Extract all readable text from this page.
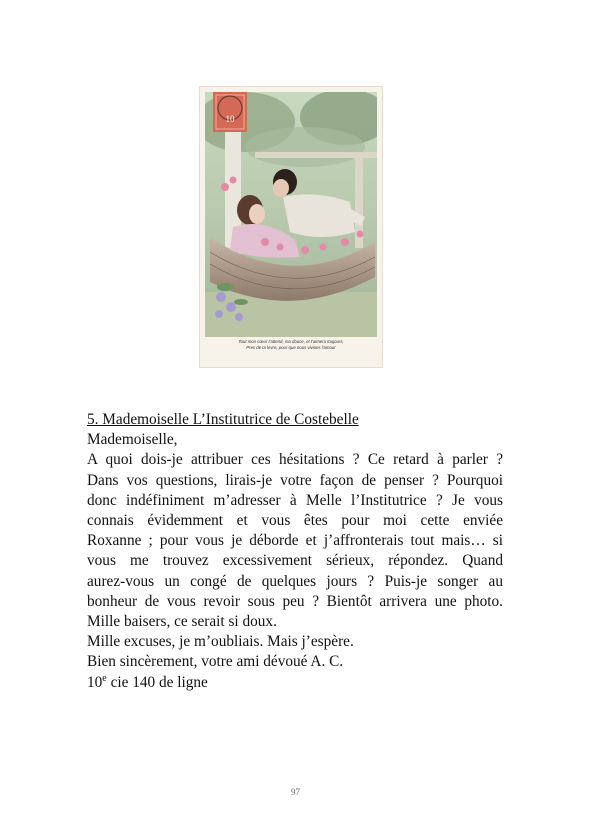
10
Tout mon cœur t'attend, ma douce, et t'aimera toujours,
Pres de ta levre, pour que nous vivions l'amour
5. Mademoiselle L’Institutrice de Costebelle
Mademoiselle,
A quoi dois-je attribuer ces hésitations ? Ce retard à parler ?
Dans vos questions, lirais-je votre façon de penser ? Pourquoi
donc indéfiniment m’adresser à Melle l’Institutrice ? Je vous
connais évidemment et vous êtes pour moi cette enviée
Roxanne ; pour vous je déborde et j’affronterais tout mais… si
vous me trouvez excessivement sérieux, répondez. Quand
aurez-vous un congé de quelques jours ? Puis-je songer au
bonheur de vous revoir sous peu ? Bientôt arrivera une photo.
Mille baisers, ce serait si doux.
Mille excuses, je m’oubliais. Mais j’espère.
Bien sincèrement, votre ami dévoué A. C.
10e cie 140 de ligne
97
